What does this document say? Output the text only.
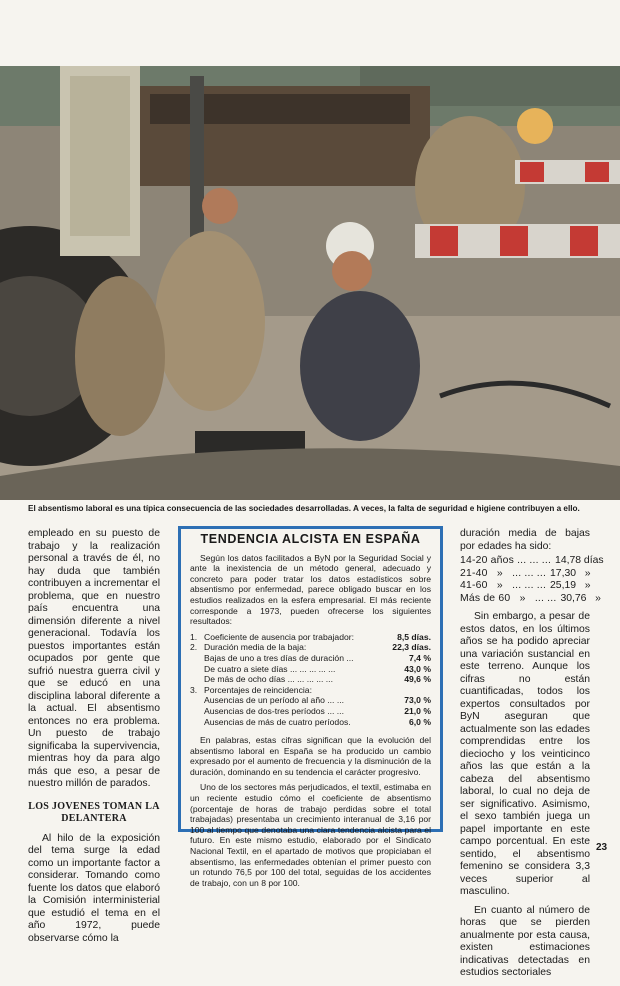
El absentismo laboral es una típica consecuencia de las sociedades desarrolladas. A veces, la falta de seguridad e higiene contribuyen a ello.

empleado en su puesto de trabajo y la realización personal a través de él, no hay duda que también contribuyen a incrementar el problema, que en nuestro país encuentra una dimensión diferente a nivel generacional. Todavía los puestos importantes están ocupados por gente que sufrió nuestra guerra civil y que se educó en una disciplina laboral diferente a la actual. El absentismo entonces no era problema. Un puesto de trabajo significaba la supervivencia, mientras hoy da para algo más que eso, a pesar de nuestro millón de parados.

LOS JOVENES TOMAN LA DELANTERA

Al hilo de la exposición del tema surge la edad como un importante factor a considerar. Tomando como fuente los datos que elaboró la Comisión interministerial que estudió el tema en el año 1972, puede observarse cómo la

TENDENCIA ALCISTA EN ESPAÑA

Según los datos facilitados a ByN por la Seguridad Social y ante la inexistencia de un método general, adecuado y concreto para poder tratar los datos estadísticos sobre absentismo por enfermedad, parece obligado buscar en los estudios realizados en la esfera empresarial. El más reciente corresponde a 1973, pueden ofrecerse los siguientes resultados:

1. Coeficiente de ausencia por trabajador:	8,5 días.
2. Duración media de la baja:	22,3 días.
Bajas de uno a tres días de duración ...	7,4 %
De cuatro a siete días ... ... ... ... ...	43,0 %
De más de ocho días ... ... ... ... ...	49,6 %
3. Porcentajes de reincidencia:
Ausencias de un período al año ... ...	73,0 %
Ausencias de dos-tres períodos ... ...	21,0 %
Ausencias de más de cuatro períodos.	6,0 %

En palabras, estas cifras significan que la evolución del absentismo laboral en España se ha producido un cambio expresado por el aumento de frecuencia y la disminución de la duración, dominando en su tendencia el carácter progresivo.

Uno de los sectores más perjudicados, el textil, estimaba en un reciente estudio cómo el coeficiente de absentismo (porcentaje de horas de trabajo perdidas sobre el total trabajadas) presentaba un crecimiento interanual de 3,16 por 100 al tiempo que denotaba una clara tendencia alcista para el futuro. En este mismo estudio, elaborado por el Sindicato Nacional Textil, en el apartado de motivos que propiciaban el absentismo, las enfermedades obtenían el primer puesto con un rotundo 76,5 por 100 del total, seguidas de los accidentes de trabajo, con un 8 por 100.

duración media de bajas por edades ha sido:

14-20 años ... ... ... 14,78 días
21-40   »   ... ... ... 17,30   »
41-60   »   ... ... ... 25,19   »
Más de 60   »   ... ... 30,76   »

Sin embargo, a pesar de estos datos, en los últimos años se ha podido apreciar una variación sustancial en este terreno. Aunque los cifras no están cuantificadas, todos los expertos consultados por ByN aseguran que actualmente son las edades comprendidas entre los dieciocho y los veinticinco años las que están a la cabeza del absentismo laboral, lo cual no deja de ser significativo. Asimismo, el sexo también juega un papel importante en este campo porcentual. En este sentido, el absentismo femenino se considera 3,3 veces superior al masculino.

En cuanto al número de horas que se pierden anualmente por esta causa, existen estimaciones indicativas detectadas en estudios sectoriales

23
